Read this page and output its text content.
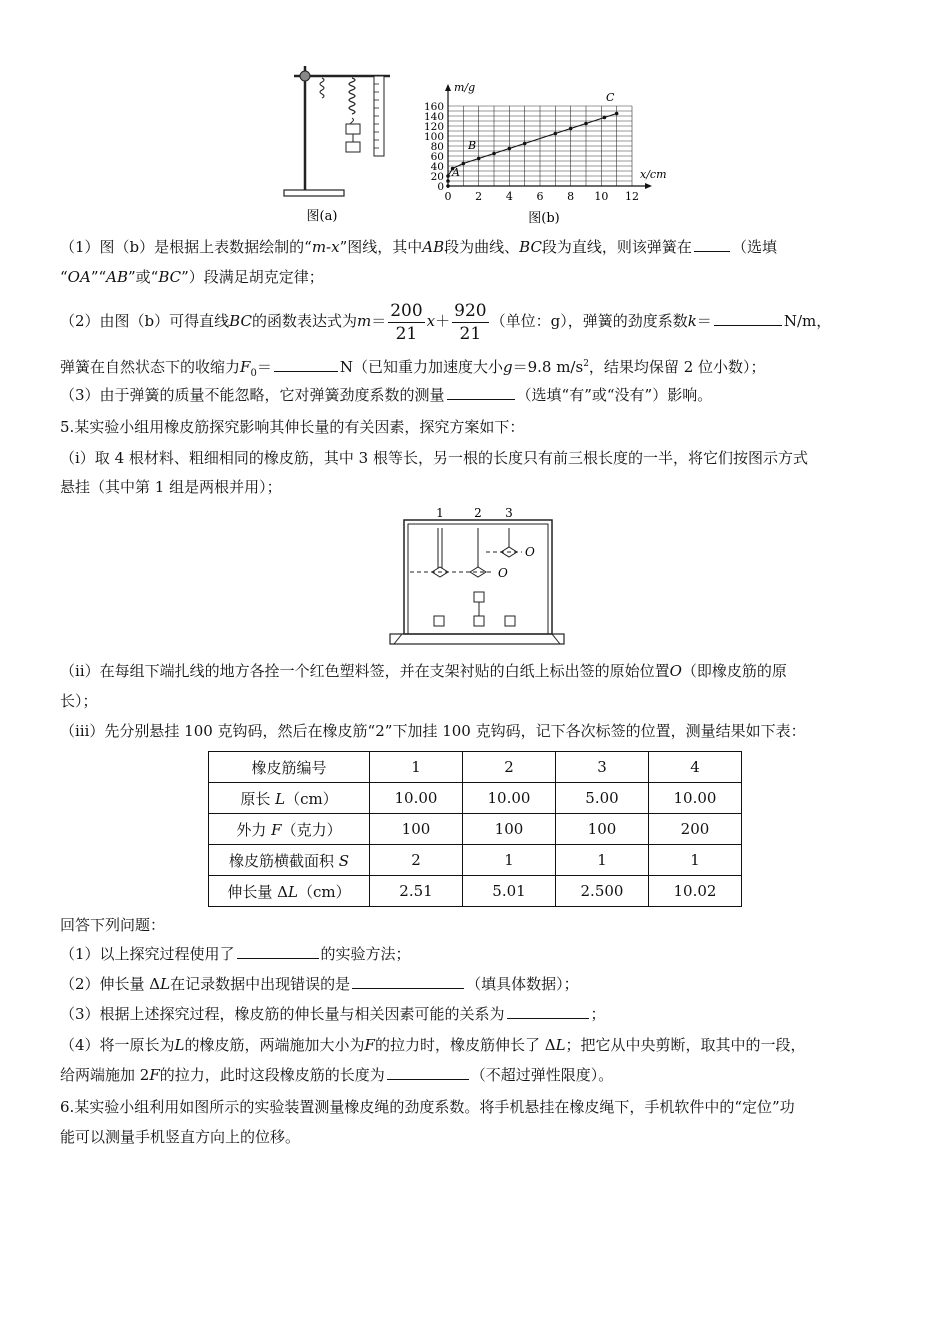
图(a)
0 2 4 6 8 10 12
0
20
40
60
80
100
120
140
160
m/g
x/cm
A
B
C
图(b)
（1）图（b）是根据上表数据绘制的“m-x”图线，其中AB段为曲线、BC段为直线，则该弹簧在	（选填
“OA”“AB”或“BC”）段满足胡克定律；
（2）由图（b）可得直线BC的函数表达式为$m= \frac{200}{21} x+ \frac{920}{21}$ （单位：g），弹簧的劲度系数k＝	N/m，
弹簧在自然状态下的收缩力$F_0=$	N（已知重力加速度大小g＝9.8 $m/s^2$，结果均保留 2 位小数）；
（3）由于弹簧的质量不能忽略，它对弹簧劲度系数的测量	（选填“有”或“没有”）影响。
5.某实验小组用橡皮筋探究影响其伸长量的有关因素，探究方案如下：
（ⅰ）取 4 根材料、粗细相同的橡皮筋，其中 3 根等长，另一根的长度只有前三根长度的一半，将它们按图示方式
悬挂（其中第 1 组是两根并用）；
1	2 3
O
O
（ⅱ）在每组下端扎线的地方各拴一个红色塑料签，并在支架衬贴的白纸上标出签的原始位置O（即橡皮筋的原
长）；
（ⅲ）先分别悬挂 100 克钩码，然后在橡皮筋“2”下加挂 100 克钩码，记下各次标签的位置，测量结果如下表：
橡皮筋编号	1	2	3	4
原长 L（cm）	10.00	10.00	5.00	10.00
外力 F（克力）	100	100	100	200
橡皮筋横截面积 S	2	1	1	1
伸长量 ΔL（cm）	2.51	5.01	2.500	10.02
回答下列问题：
（1）以上探究过程使用了	的实验方法；
（2）伸长量 ΔL在记录数据中出现错误的是	（填具体数据）；
（3）根据上述探究过程，橡皮筋的伸长量与相关因素可能的关系为	；
（4）将一原长为L的橡皮筋，两端施加大小为F的拉力时，橡皮筋伸长了 ΔL；把它从中央剪断，取其中的一段，
给两端施加 2F的拉力，此时这段橡皮筋的长度为	（不超过弹性限度）。
6.某实验小组利用如图所示的实验装置测量橡皮绳的劲度系数。将手机悬挂在橡皮绳下，手机软件中的“定位”功
能可以测量手机竖直方向上的位移。
